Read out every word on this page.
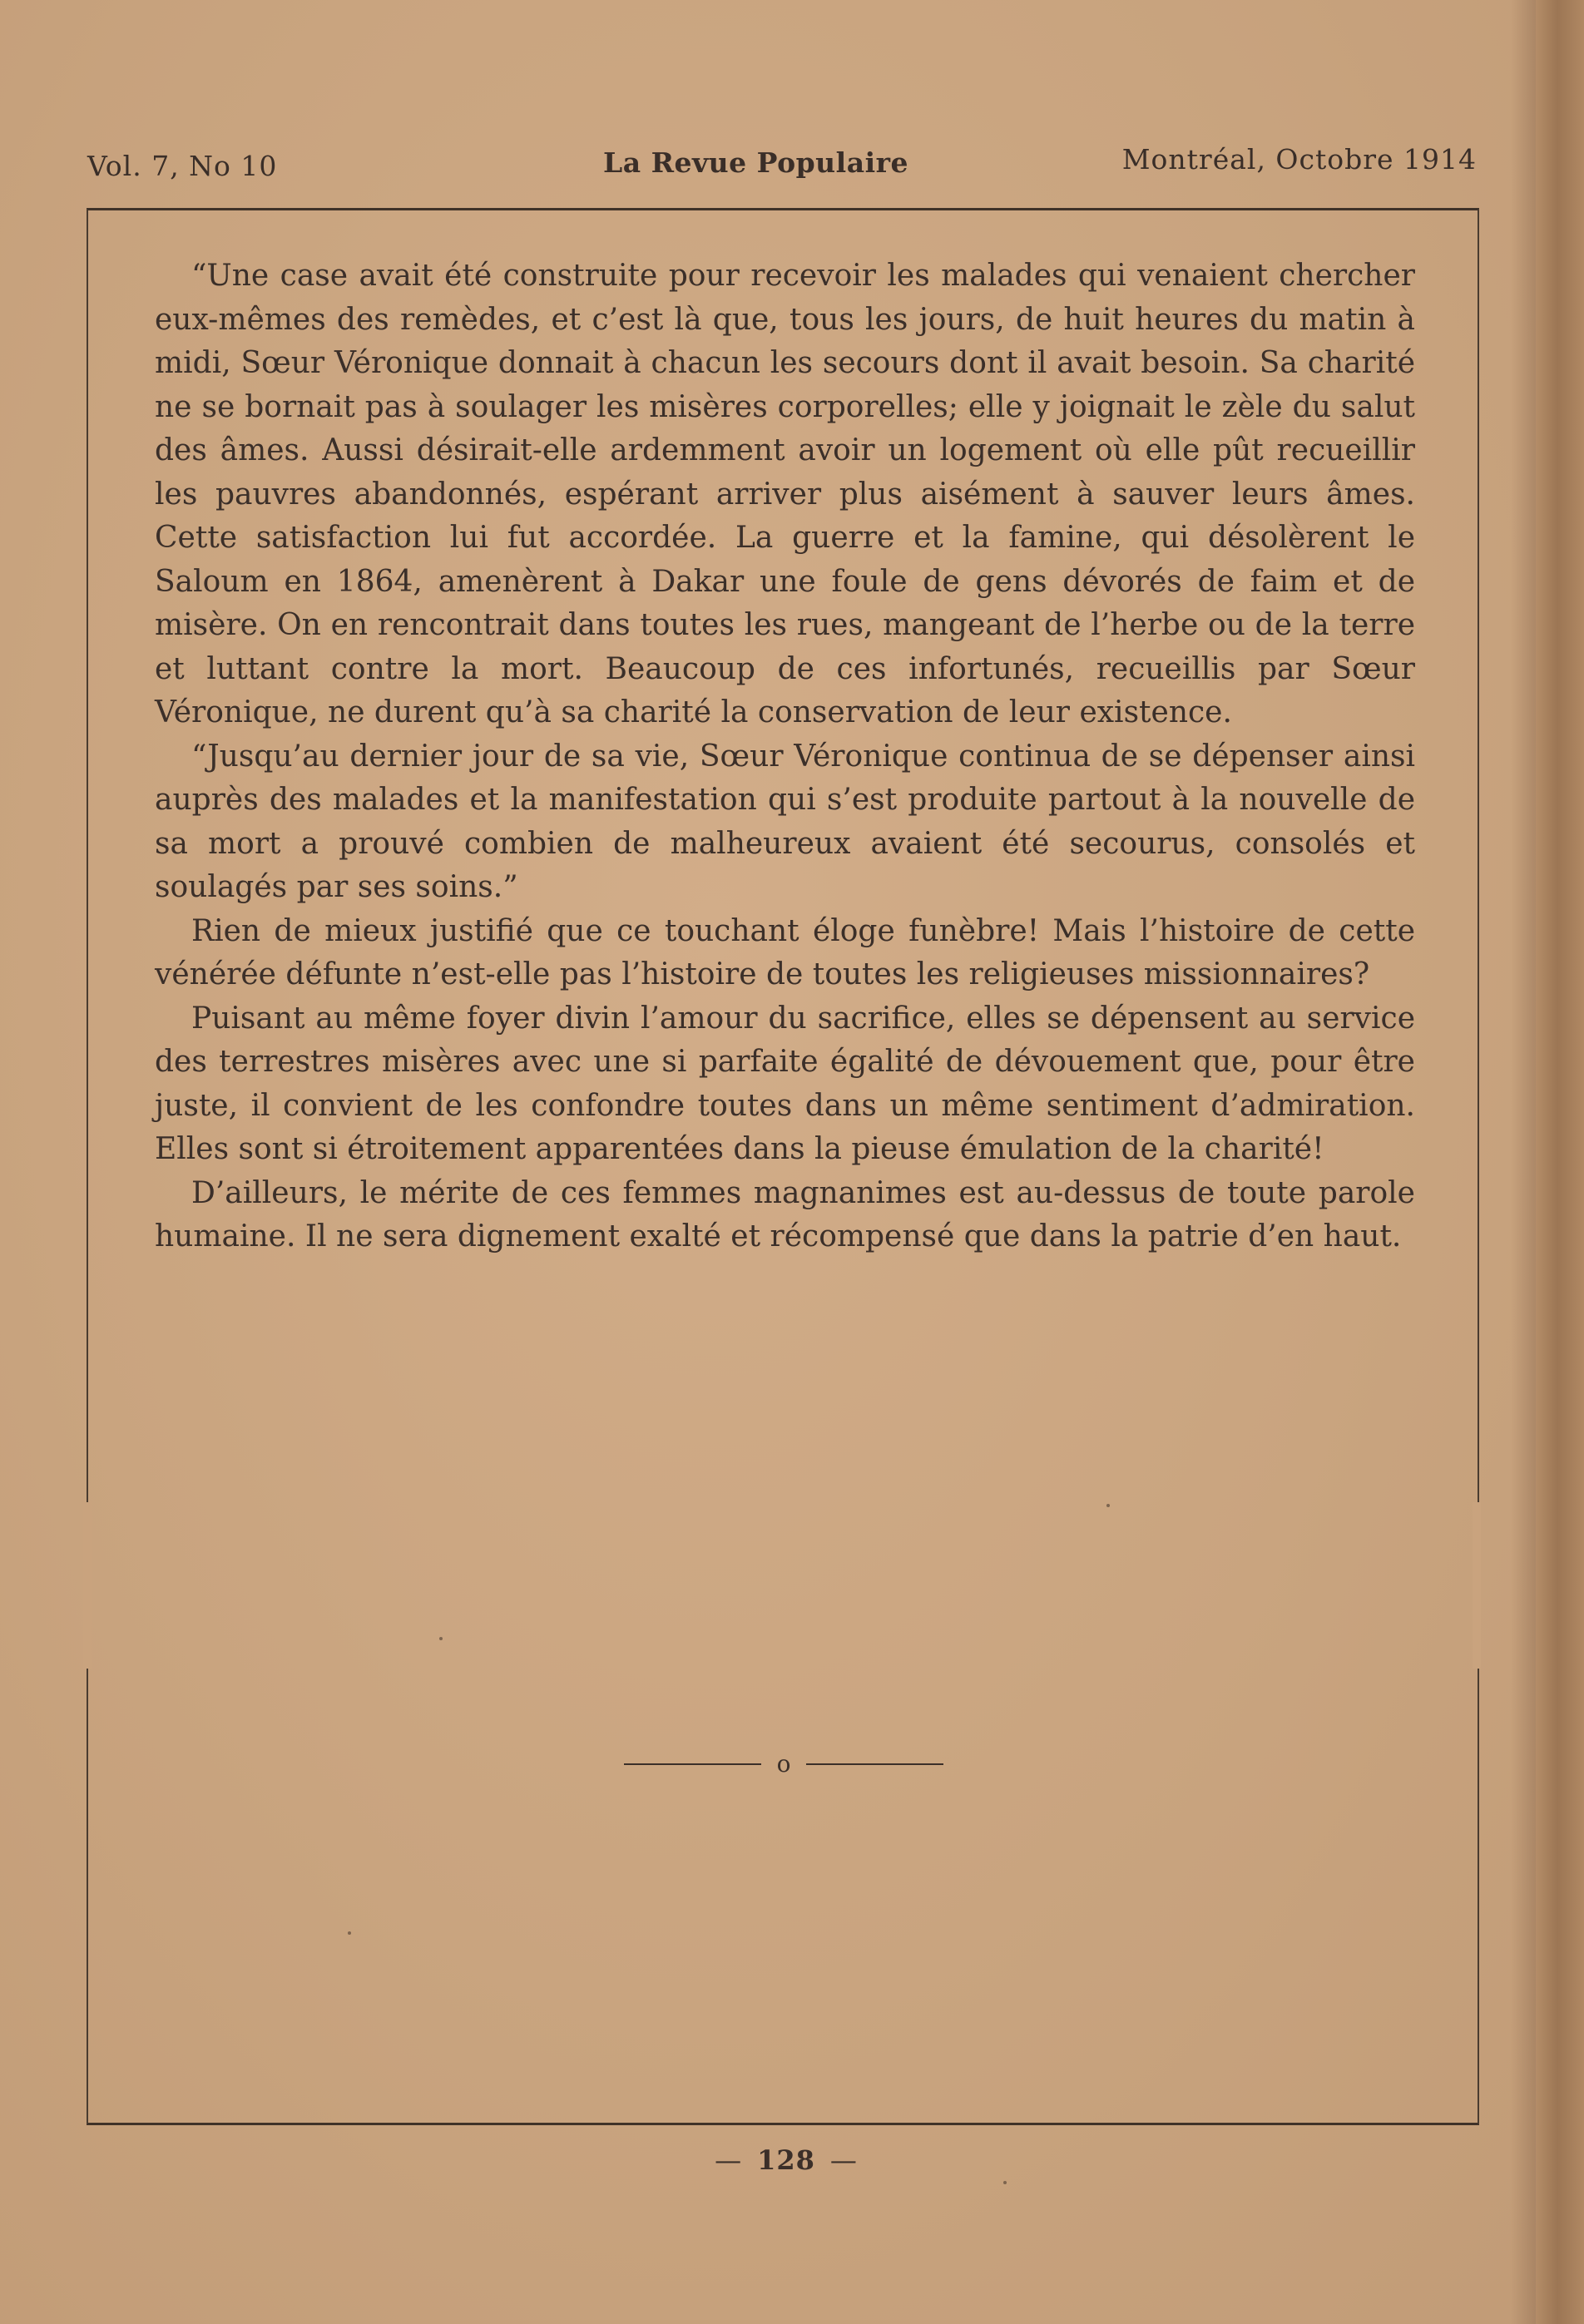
Vol. 7, No 10	La Revue Populaire	Montréal, Octobre 1914

“Une case avait été construite pour recevoir les malades qui venaient chercher eux-mêmes des remèdes, et c’est là que, tous les jours, de huit heures du matin à midi, Sœur Véronique donnait à chacun les secours dont il avait besoin. Sa charité ne se bornait pas à soulager les misères corporelles; elle y joignait le zèle du salut des âmes. Aussi désirait-elle ardemment avoir un logement où elle pût recueillir les pauvres abandonnés, espérant arriver plus aisément à sauver leurs âmes. Cette satisfaction lui fut accordée. La guerre et la famine, qui désolèrent le Saloum en 1864, amenèrent à Dakar une foule de gens dévorés de faim et de misère. On en rencontrait dans toutes les rues, mangeant de l’herbe ou de la terre et luttant contre la mort. Beaucoup de ces infortunés, recueillis par Sœur Véronique, ne durent qu’à sa charité la conservation de leur existence.

“Jusqu’au dernier jour de sa vie, Sœur Véronique continua de se dépenser ainsi auprès des malades et la manifestation qui s’est produite partout à la nouvelle de sa mort a prouvé combien de malheureux avaient été secourus, consolés et soulagés par ses soins.”

Rien de mieux justifié que ce touchant éloge funèbre! Mais l’histoire de cette vénérée défunte n’est-elle pas l’histoire de toutes les religieuses missionnaires?

Puisant au même foyer divin l’amour du sacrifice, elles se dépensent au service des terrestres misères avec une si parfaite égalité de dévouement que, pour être juste, il convient de les confondre toutes dans un même sentiment d’admiration. Elles sont si étroitement apparentées dans la pieuse émulation de la charité!

D’ailleurs, le mérite de ces femmes magnanimes est au-dessus de toute parole humaine. Il ne sera dignement exalté et récompensé que dans la patrie d’en haut.

o
— 128 —
